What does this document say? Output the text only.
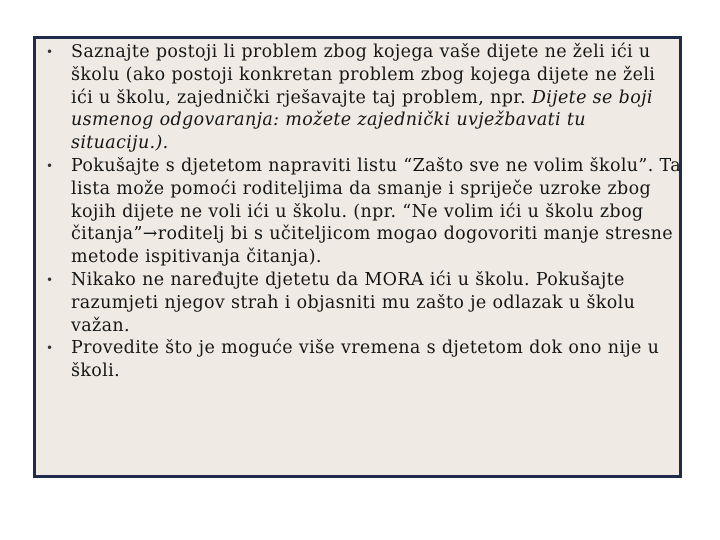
• Saznajte postoji li problem zbog kojega vaše dijete ne želi ići u školu (ako postoji konkretan problem zbog kojega dijete ne želi ići u školu, zajednički rješavajte taj problem, npr. Dijete se boji usmenog odgovaranja: možete zajednički uvježbavati tu situaciju.).
• Pokušajte s djetetom napraviti listu “Zašto sve ne volim školu”. Ta lista može pomoći roditeljima da smanje i spriječe uzroke zbog kojih dijete ne voli ići u školu. (npr. “Ne volim ići u školu zbog čitanja”→roditelj bi s učiteljicom mogao dogovoriti manje stresne metode ispitivanja čitanja).
• Nikako ne naređujte djetetu da MORA ići u školu. Pokušajte razumjeti njegov strah i objasniti mu zašto je odlazak u školu važan.
• Provedite što je moguće više vremena s djetetom dok ono nije u školi.
